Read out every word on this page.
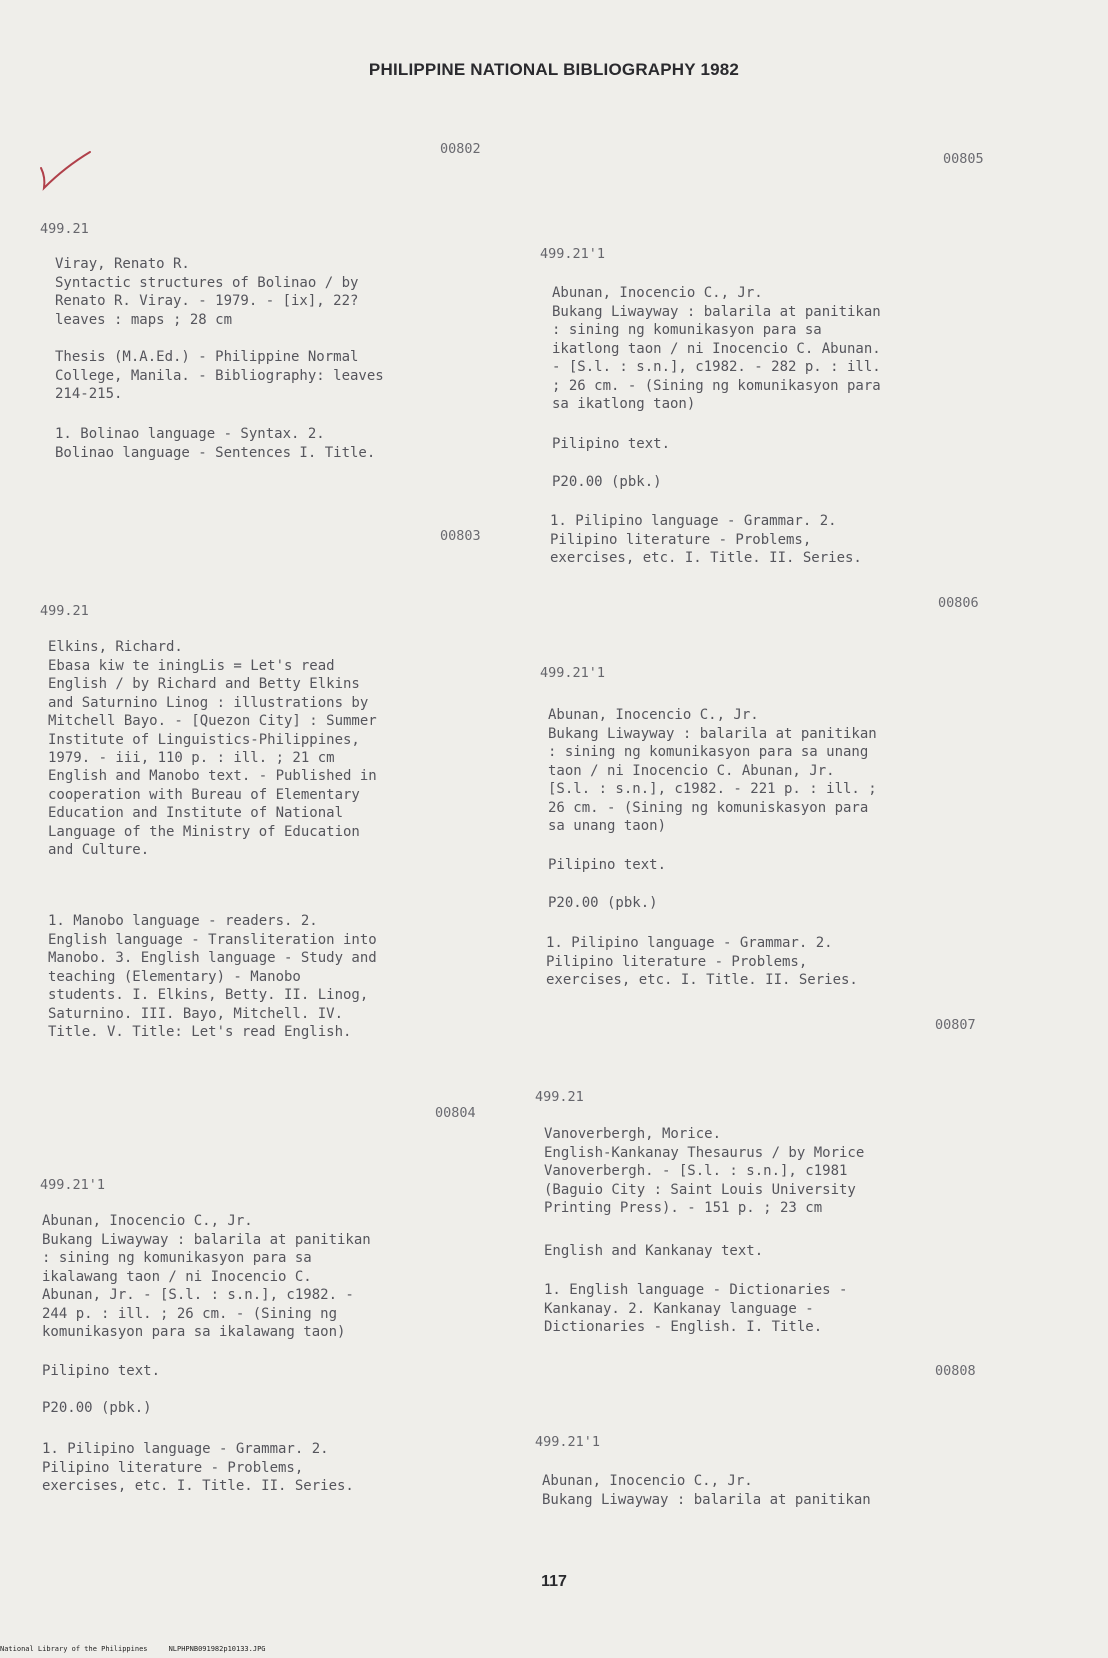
PHILIPPINE NATIONAL BIBLIOGRAPHY 1982
00802
499.21
Viray, Renato R.
Syntactic structures of Bolinao / by
Renato R. Viray. - 1979. - [ix], 22?
leaves : maps ; 28 cm
Thesis (M.A.Ed.) - Philippine Normal
College, Manila. - Bibliography: leaves
214-215.
1. Bolinao language - Syntax. 2.
Bolinao language - Sentences I. Title.
00803
499.21
Elkins, Richard.
Ebasa kiw te iningLis = Let's read
English / by Richard and Betty Elkins
and Saturnino Linog : illustrations by
Mitchell Bayo. - [Quezon City] : Summer
Institute of Linguistics-Philippines,
1979. - iii, 110 p. : ill. ; 21 cm
English and Manobo text. - Published in
cooperation with Bureau of Elementary
Education and Institute of National
Language of the Ministry of Education
and Culture.
1. Manobo language - readers. 2.
English language - Transliteration into
Manobo. 3. English language - Study and
teaching (Elementary) - Manobo
students. I. Elkins, Betty. II. Linog,
Saturnino. III. Bayo, Mitchell. IV.
Title. V. Title: Let's read English.
00804
499.21'1
Abunan, Inocencio C., Jr.
Bukang Liwayway : balarila at panitikan
: sining ng komunikasyon para sa
ikalawang taon / ni Inocencio C.
Abunan, Jr. - [S.l. : s.n.], c1982. -
244 p. : ill. ; 26 cm. - (Sining ng
komunikasyon para sa ikalawang taon)
Pilipino text.
P20.00 (pbk.)
1. Pilipino language - Grammar. 2.
Pilipino literature - Problems,
exercises, etc. I. Title. II. Series.
00805
499.21'1
Abunan, Inocencio C., Jr.
Bukang Liwayway : balarila at panitikan
: sining ng komunikasyon para sa
ikatlong taon / ni Inocencio C. Abunan.
- [S.l. : s.n.], c1982. - 282 p. : ill.
; 26 cm. - (Sining ng komunikasyon para
sa ikatlong taon)
Pilipino text.
P20.00 (pbk.)
1. Pilipino language - Grammar. 2.
Pilipino literature - Problems,
exercises, etc. I. Title. II. Series.
00806
499.21'1
Abunan, Inocencio C., Jr.
Bukang Liwayway : balarila at panitikan
: sining ng komunikasyon para sa unang
taon / ni Inocencio C. Abunan, Jr.
[S.l. : s.n.], c1982. - 221 p. : ill. ;
26 cm. - (Sining ng komuniskasyon para
sa unang taon)
Pilipino text.
P20.00 (pbk.)
1. Pilipino language - Grammar. 2.
Pilipino literature - Problems,
exercises, etc. I. Title. II. Series.
00807
499.21
Vanoverbergh, Morice.
English-Kankanay Thesaurus / by Morice
Vanoverbergh. - [S.l. : s.n.], c1981
(Baguio City : Saint Louis University
Printing Press). - 151 p. ; 23 cm
English and Kankanay text.
1. English language - Dictionaries -
Kankanay. 2. Kankanay language -
Dictionaries - English. I. Title.
00808
499.21'1
Abunan, Inocencio C., Jr.
Bukang Liwayway : balarila at panitikan
117
National Library of the Philippines     NLPHPNB091982p10133.JPG
